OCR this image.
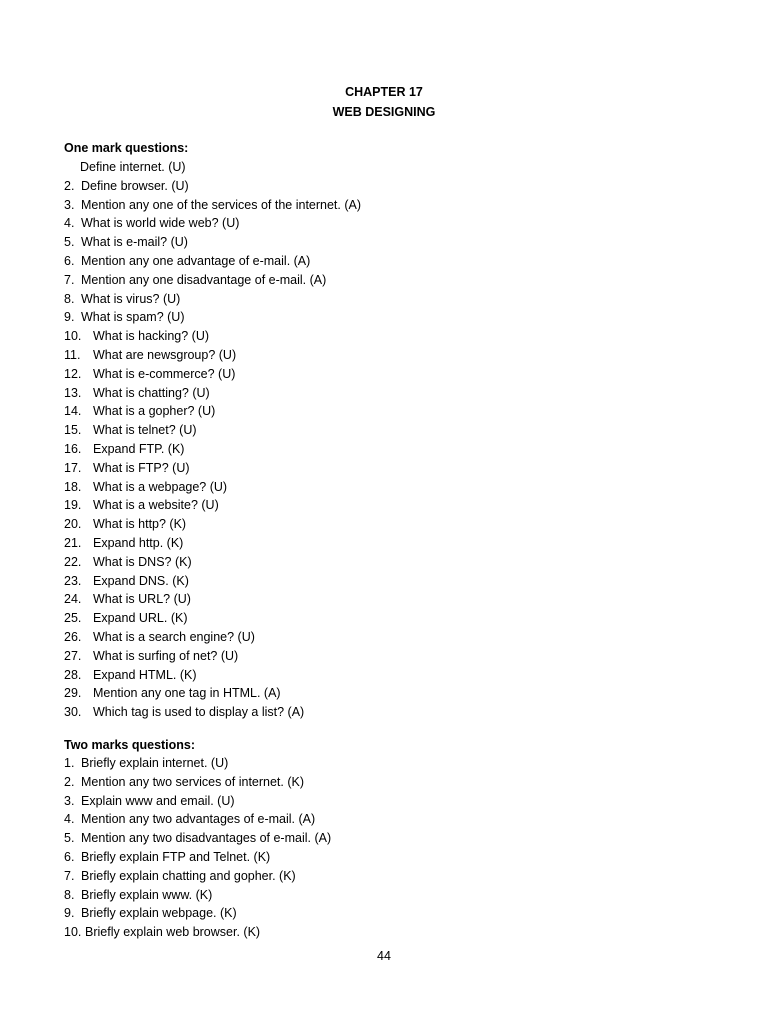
CHAPTER 17
WEB DESIGNING
One mark questions:
Define internet. (U)
2. Define browser. (U)
3. Mention any one of the services of the internet. (A)
4. What is world wide web? (U)
5. What is e-mail? (U)
6. Mention any one advantage of e-mail. (A)
7. Mention any one disadvantage of e-mail. (A)
8. What is virus? (U)
9. What is spam? (U)
10. What is hacking? (U)
11. What are newsgroup? (U)
12. What is e-commerce? (U)
13. What is chatting? (U)
14. What is a gopher? (U)
15. What is telnet? (U)
16. Expand FTP. (K)
17. What is FTP? (U)
18. What is a webpage? (U)
19. What is a website? (U)
20. What is http? (K)
21. Expand http. (K)
22. What is DNS? (K)
23. Expand DNS. (K)
24. What is URL? (U)
25. Expand URL. (K)
26. What is a search engine? (U)
27. What is surfing of net? (U)
28. Expand HTML. (K)
29. Mention any one tag in HTML. (A)
30. Which tag is used to display a list? (A)
Two marks questions:
1. Briefly explain internet. (U)
2. Mention any two services of internet. (K)
3. Explain www and email. (U)
4. Mention any two advantages of e-mail. (A)
5. Mention any two disadvantages of e-mail. (A)
6. Briefly explain FTP and Telnet. (K)
7. Briefly explain chatting and gopher. (K)
8. Briefly explain www. (K)
9. Briefly explain webpage. (K)
10. Briefly explain web browser. (K)
44
